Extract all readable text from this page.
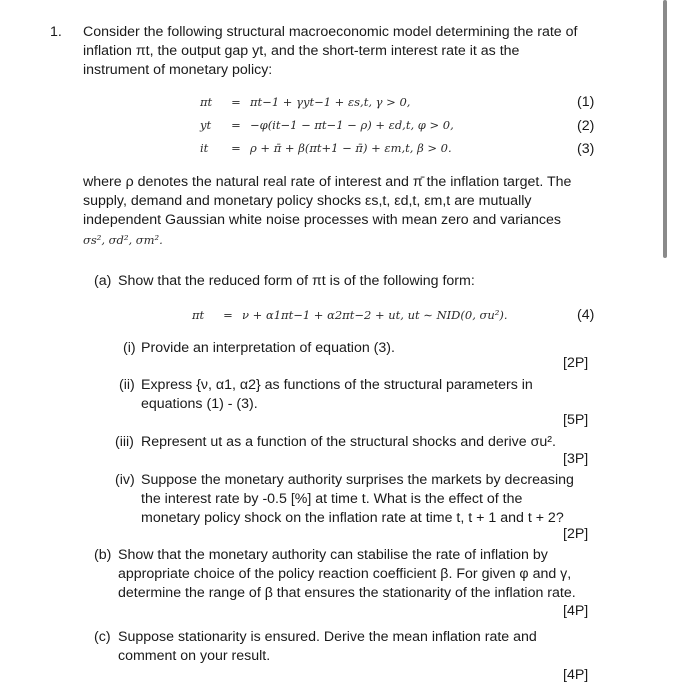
1. Consider the following structural macroeconomic model determining the rate of
inflation πt, the output gap yt, and the short-term interest rate it as the
instrument of monetary policy:
πt = πt−1 + γyt−1 + εs,t, γ > 0,	(1)
yt = −φ(it−1 − πt−1 − ρ) + εd,t, φ > 0,	(2)
it = ρ + π̄ + β(πt+1 − π̄) + εm,t, β > 0.	(3)
where ρ denotes the natural real rate of interest and π̄ the inflation target. The
supply, demand and monetary policy shocks εs,t, εd,t, εm,t are mutually
independent Gaussian white noise processes with mean zero and variances
σs², σd², σm².
(a) Show that the reduced form of πt is of the following form:
πt = ν + α1πt−1 + α2πt−2 + ut, ut ∼ NID(0, σu²).	(4)
(i) Provide an interpretation of equation (3).
[2P]
(ii) Express {ν, α1, α2} as functions of the structural parameters in
equations (1) - (3).
[5P]
(iii) Represent ut as a function of the structural shocks and derive σu².
[3P]
(iv) Suppose the monetary authority surprises the markets by decreasing
the interest rate by -0.5 [%] at time t. What is the effect of the
monetary policy shock on the inflation rate at time t, t + 1 and t + 2?
[2P]
(b) Show that the monetary authority can stabilise the rate of inflation by
appropriate choice of the policy reaction coefficient β. For given φ and γ,
determine the range of β that ensures the stationarity of the inflation rate.
[4P]
(c) Suppose stationarity is ensured. Derive the mean inflation rate and
comment on your result.
[4P]
